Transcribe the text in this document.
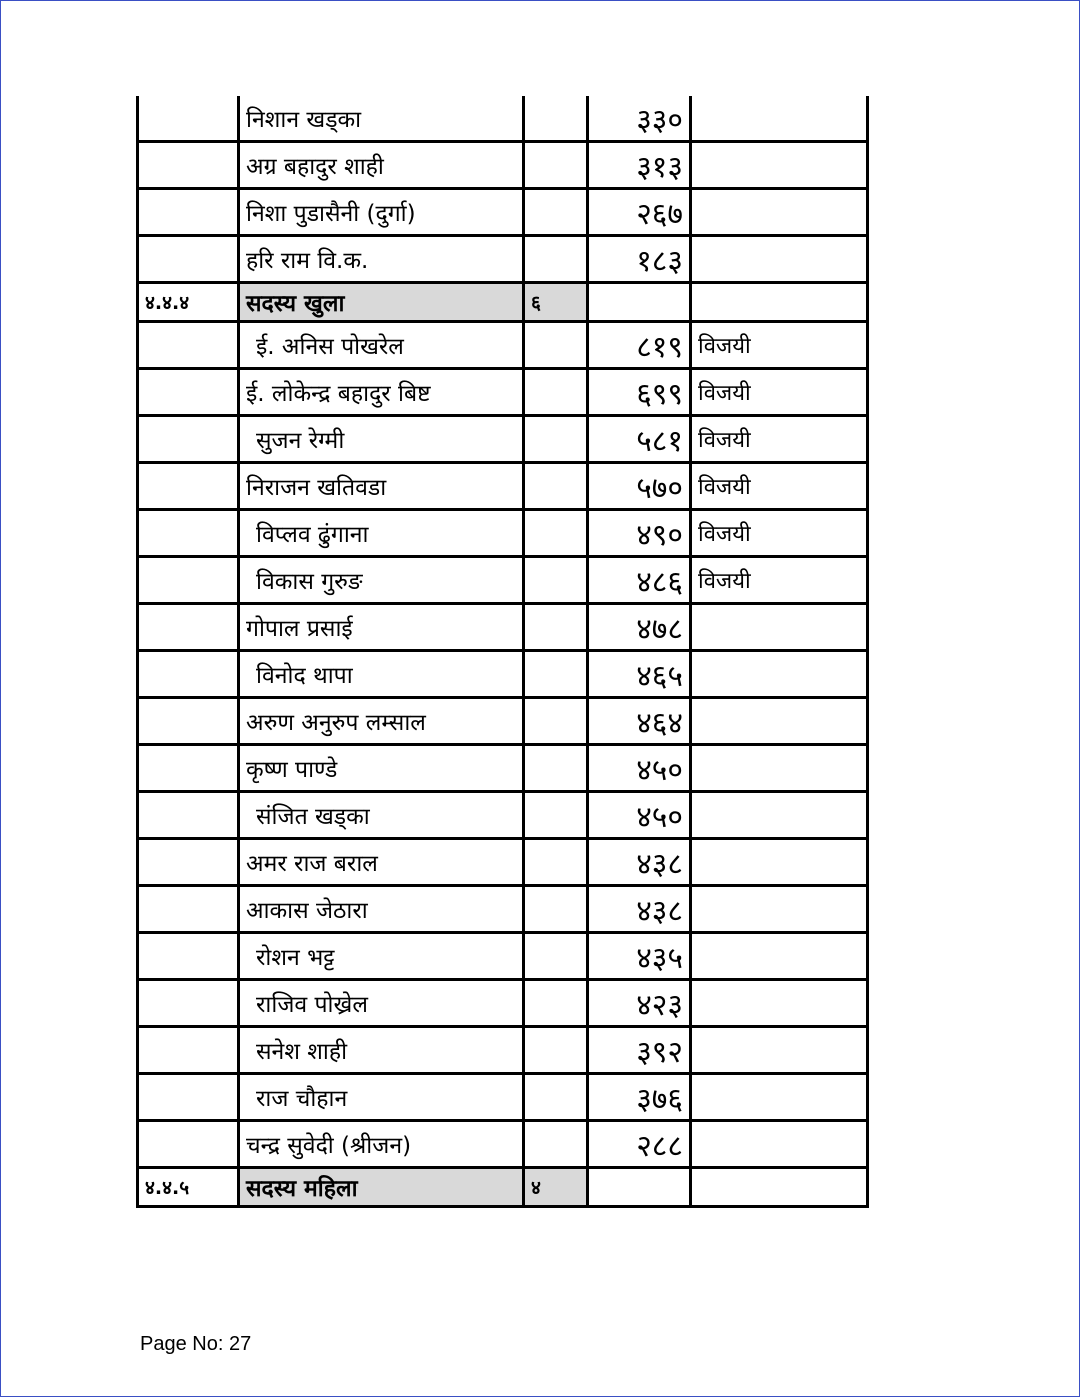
	निशान खड्का		३३०	
	अग्र बहादुर शाही		३१३	
	निशा पुडासैनी (दुर्गा)		२६७	
	हरि राम वि.क.		१८३	
४.४.४	सदस्य खुला	६		
	ई. अनिस पोखरेल		८१९	विजयी
	ई. लोकेन्द्र बहादुर बिष्ट		६९९	विजयी
	सुजन रेग्मी		५८१	विजयी
	निराजन खतिवडा		५७०	विजयी
	विप्लव ढुंगाना		४९०	विजयी
	विकास गुरुङ		४८६	विजयी
	गोपाल प्रसाई		४७८	
	विनोद थापा		४६५	
	अरुण अनुरुप लम्साल		४६४	
	कृष्ण पाण्डे		४५०	
	संजित खड्का		४५०	
	अमर राज बराल		४३८	
	आकास जेठारा		४३८	
	रोशन भट्ट		४३५	
	राजिव पोख्रेल		४२३	
	सनेश शाही		३९२	
	राज चौहान		३७६	
	चन्द्र सुवेदी (श्रीजन)		२८८	
४.४.५	सदस्य महिला	४		
Page No: 27
